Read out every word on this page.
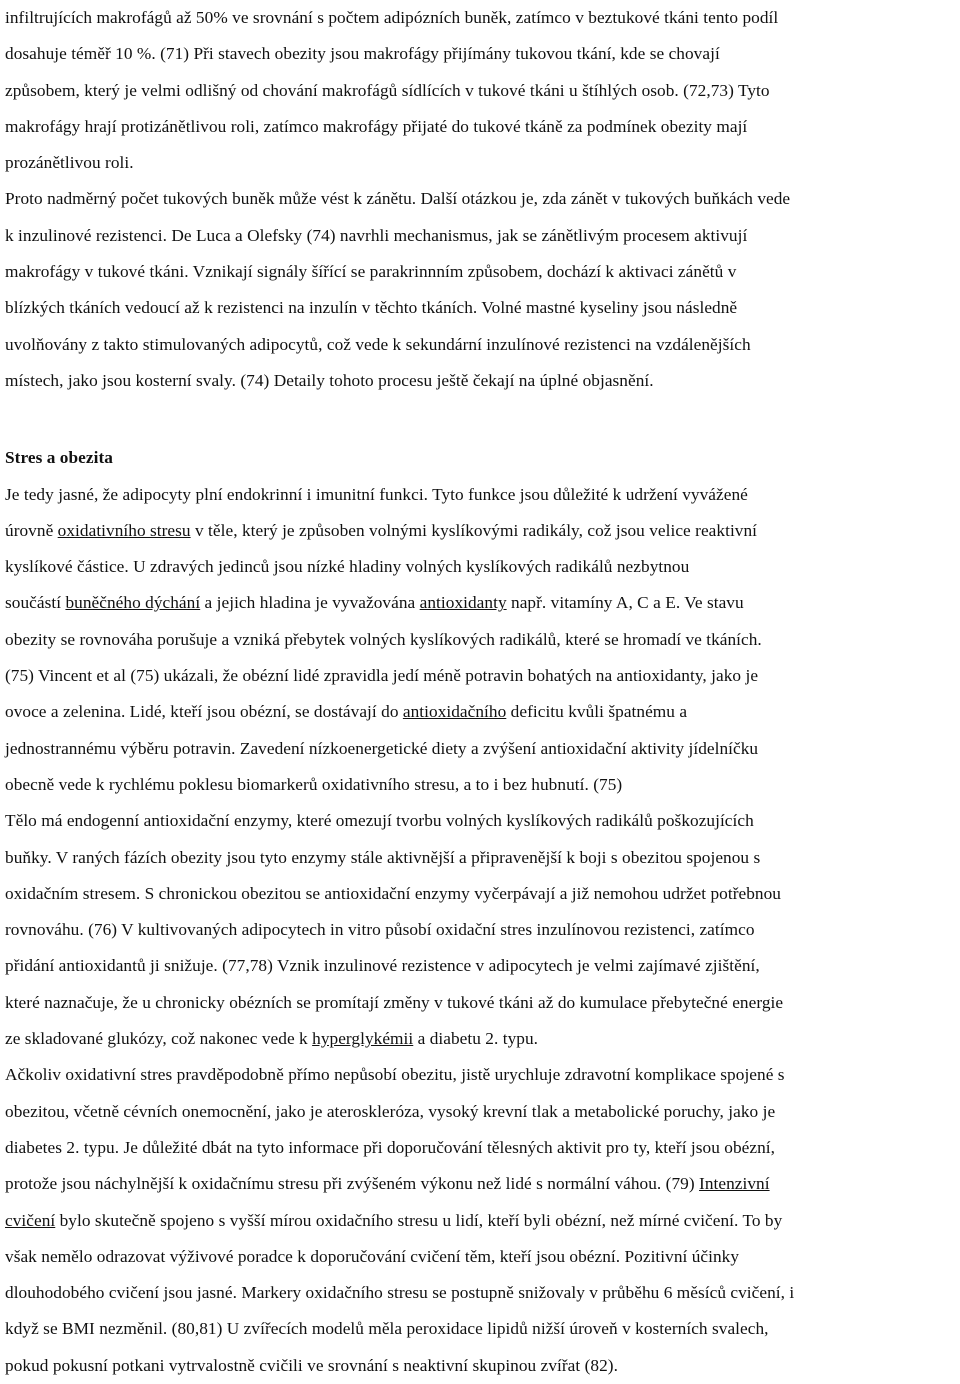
infiltrujících makrofágů až 50% ve srovnání s počtem adipózních buněk, zatímco v beztukové tkáni tento podíl
dosahuje téměř 10 %. (71) Při stavech obezity jsou makrofágy přijímány tukovou tkání, kde se chovají
způsobem, který je velmi odlišný od chování makrofágů sídlících v tukové tkáni u štíhlých osob. (72,73) Tyto
makrofágy hrají protizánětlivou roli, zatímco makrofágy přijaté do tukové tkáně za podmínek obezity mají
prozánětlivou roli.
Proto nadměrný počet tukových buněk může vést k zánětu. Další otázkou je, zda zánět v tukových buňkách vede
k inzulinové rezistenci. De Luca a Olefsky (74) navrhli mechanismus, jak se zánětlivým procesem aktivují
makrofágy v tukové tkáni. Vznikají signály šířící se parakrinnním způsobem, dochází k aktivaci zánětů v
blízkých tkáních vedoucí až k rezistenci na inzulín v těchto tkáních. Volné mastné kyseliny jsou následně
uvolňovány z takto stimulovaných adipocytů, což vede k sekundární inzulínové rezistenci na vzdálenějších
místech, jako jsou kosterní svaly. (74) Detaily tohoto procesu ještě čekají na úplné objasnění.
Stres a obezita
Je tedy jasné, že adipocyty plní endokrinní i imunitní funkci. Tyto funkce jsou důležité k udržení vyvážené
úrovně oxidativního stresu v těle, který je způsoben volnými kyslíkovými radikály, což jsou velice reaktivní
kyslíkové částice. U zdravých jedinců jsou nízké hladiny volných kyslíkových radikálů nezbytnou
součástí buněčného dýchání a jejich hladina je vyvažována antioxidanty např. vitamíny A, C a E. Ve stavu
obezity se rovnováha porušuje a vzniká přebytek volných kyslíkových radikálů, které se hromadí ve tkáních.
(75) Vincent et al (75) ukázali, že obézní lidé zpravidla jedí méně potravin bohatých na antioxidanty, jako je
ovoce a zelenina. Lidé, kteří jsou obézní, se dostávají do antioxidačního deficitu kvůli špatnému a
jednostrannému výběru potravin. Zavedení nízkoenergetické diety a zvýšení antioxidační aktivity jídelníčku
obecně vede k rychlému poklesu biomarkerů oxidativního stresu, a to i bez hubnutí. (75)
Tělo má endogenní antioxidační enzymy, které omezují tvorbu volných kyslíkových radikálů poškozujících
buňky. V raných fázích obezity jsou tyto enzymy stále aktivnější a připravenější k boji s obezitou spojenou s
oxidačním stresem. S chronickou obezitou se antioxidační enzymy vyčerpávají a již nemohou udržet potřebnou
rovnováhu. (76) V kultivovaných adipocytech in vitro působí oxidační stres inzulínovou rezistenci, zatímco
přidání antioxidantů ji snižuje. (77,78) Vznik inzulinové rezistence v adipocytech je velmi zajímavé zjištění,
které naznačuje, že u chronicky obézních se promítají změny v tukové tkáni až do kumulace přebytečné energie
ze skladované glukózy, což nakonec vede k hyperglykémii a diabetu 2. typu.
Ačkoliv oxidativní stres pravděpodobně přímo nepůsobí obezitu, jistě urychluje zdravotní komplikace spojené s
obezitou, včetně cévních onemocnění, jako je ateroskleróza, vysoký krevní tlak a metabolické poruchy, jako je
diabetes 2. typu. Je důležité dbát na tyto informace při doporučování tělesných aktivit pro ty, kteří jsou obézní,
protože jsou náchylnější k oxidačnímu stresu při zvýšeném výkonu než lidé s normální váhou. (79) Intenzivní
cvičení bylo skutečně spojeno s vyšší mírou oxidačního stresu u lidí, kteří byli obézní, než mírné cvičení. To by
však nemělo odrazovat výživové poradce k doporučování cvičení těm, kteří jsou obézní. Pozitivní účinky
dlouhodobého cvičení jsou jasné. Markery oxidačního stresu se postupně snižovaly v průběhu 6 měsíců cvičení, i
když se BMI nezměnil. (80,81) U zvířecích modelů měla peroxidace lipidů nižší úroveň v kosterních svalech,
pokud pokusní potkani vytrvalostně cvičili ve srovnání s neaktivní skupinou zvířat (82).
